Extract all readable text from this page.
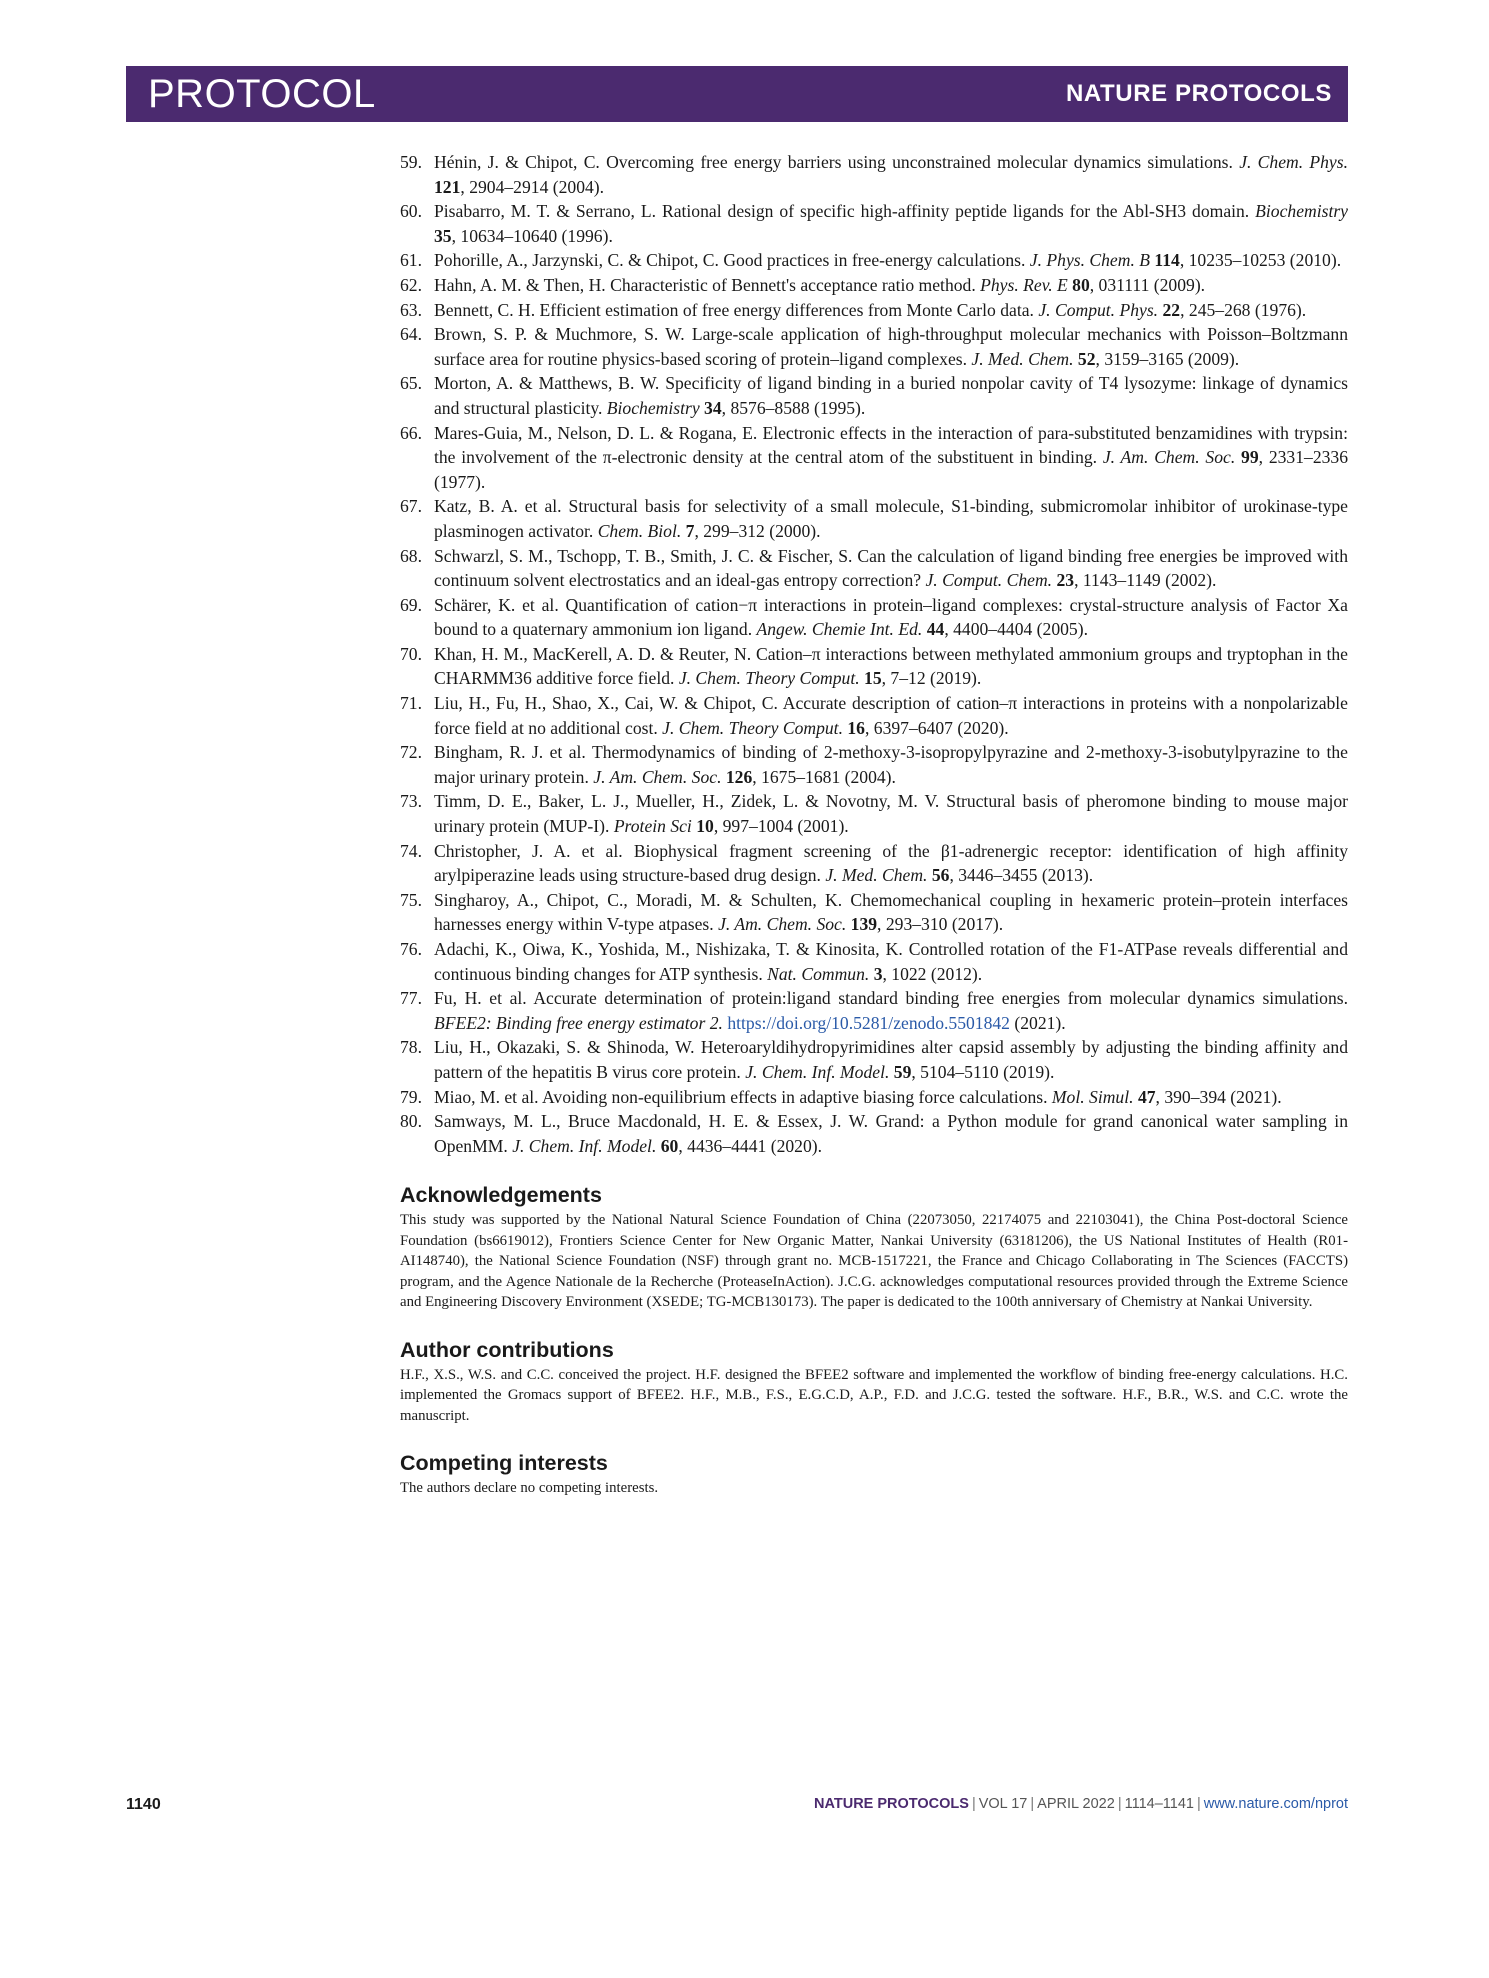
PROTOCOL	NATURE PROTOCOLS
59. Hénin, J. & Chipot, C. Overcoming free energy barriers using unconstrained molecular dynamics simulations. J. Chem. Phys. 121, 2904–2914 (2004).
60. Pisabarro, M. T. & Serrano, L. Rational design of specific high-affinity peptide ligands for the Abl-SH3 domain. Biochemistry 35, 10634–10640 (1996).
61. Pohorille, A., Jarzynski, C. & Chipot, C. Good practices in free-energy calculations. J. Phys. Chem. B 114, 10235–10253 (2010).
62. Hahn, A. M. & Then, H. Characteristic of Bennett's acceptance ratio method. Phys. Rev. E 80, 031111 (2009).
63. Bennett, C. H. Efficient estimation of free energy differences from Monte Carlo data. J. Comput. Phys. 22, 245–268 (1976).
64. Brown, S. P. & Muchmore, S. W. Large-scale application of high-throughput molecular mechanics with Poisson–Boltzmann surface area for routine physics-based scoring of protein–ligand complexes. J. Med. Chem. 52, 3159–3165 (2009).
65. Morton, A. & Matthews, B. W. Specificity of ligand binding in a buried nonpolar cavity of T4 lysozyme: linkage of dynamics and structural plasticity. Biochemistry 34, 8576–8588 (1995).
66. Mares-Guia, M., Nelson, D. L. & Rogana, E. Electronic effects in the interaction of para-substituted benzamidines with trypsin: the involvement of the π-electronic density at the central atom of the substituent in binding. J. Am. Chem. Soc. 99, 2331–2336 (1977).
67. Katz, B. A. et al. Structural basis for selectivity of a small molecule, S1-binding, submicromolar inhibitor of urokinase-type plasminogen activator. Chem. Biol. 7, 299–312 (2000).
68. Schwarzl, S. M., Tschopp, T. B., Smith, J. C. & Fischer, S. Can the calculation of ligand binding free energies be improved with continuum solvent electrostatics and an ideal-gas entropy correction? J. Comput. Chem. 23, 1143–1149 (2002).
69. Schärer, K. et al. Quantification of cation−π interactions in protein–ligand complexes: crystal-structure analysis of Factor Xa bound to a quaternary ammonium ion ligand. Angew. Chemie Int. Ed. 44, 4400–4404 (2005).
70. Khan, H. M., MacKerell, A. D. & Reuter, N. Cation–π interactions between methylated ammonium groups and tryptophan in the CHARMM36 additive force field. J. Chem. Theory Comput. 15, 7–12 (2019).
71. Liu, H., Fu, H., Shao, X., Cai, W. & Chipot, C. Accurate description of cation–π interactions in proteins with a nonpolarizable force field at no additional cost. J. Chem. Theory Comput. 16, 6397–6407 (2020).
72. Bingham, R. J. et al. Thermodynamics of binding of 2-methoxy-3-isopropylpyrazine and 2-methoxy-3-isobutylpyrazine to the major urinary protein. J. Am. Chem. Soc. 126, 1675–1681 (2004).
73. Timm, D. E., Baker, L. J., Mueller, H., Zidek, L. & Novotny, M. V. Structural basis of pheromone binding to mouse major urinary protein (MUP-I). Protein Sci 10, 997–1004 (2001).
74. Christopher, J. A. et al. Biophysical fragment screening of the β1-adrenergic receptor: identification of high affinity arylpiperazine leads using structure-based drug design. J. Med. Chem. 56, 3446–3455 (2013).
75. Singharoy, A., Chipot, C., Moradi, M. & Schulten, K. Chemomechanical coupling in hexameric protein–protein interfaces harnesses energy within V-type atpases. J. Am. Chem. Soc. 139, 293–310 (2017).
76. Adachi, K., Oiwa, K., Yoshida, M., Nishizaka, T. & Kinosita, K. Controlled rotation of the F1-ATPase reveals differential and continuous binding changes for ATP synthesis. Nat. Commun. 3, 1022 (2012).
77. Fu, H. et al. Accurate determination of protein:ligand standard binding free energies from molecular dynamics simulations. BFEE2: Binding free energy estimator 2. https://doi.org/10.5281/zenodo.5501842 (2021).
78. Liu, H., Okazaki, S. & Shinoda, W. Heteroaryldihydropyrimidines alter capsid assembly by adjusting the binding affinity and pattern of the hepatitis B virus core protein. J. Chem. Inf. Model. 59, 5104–5110 (2019).
79. Miao, M. et al. Avoiding non-equilibrium effects in adaptive biasing force calculations. Mol. Simul. 47, 390–394 (2021).
80. Samways, M. L., Bruce Macdonald, H. E. & Essex, J. W. Grand: a Python module for grand canonical water sampling in OpenMM. J. Chem. Inf. Model. 60, 4436–4441 (2020).
Acknowledgements

This study was supported by the National Natural Science Foundation of China (22073050, 22174075 and 22103041), the China Post-doctoral Science Foundation (bs6619012), Frontiers Science Center for New Organic Matter, Nankai University (63181206), the US National Institutes of Health (R01-AI148740), the National Science Foundation (NSF) through grant no. MCB-1517221, the France and Chicago Collaborating in The Sciences (FACCTS) program, and the Agence Nationale de la Recherche (ProteaseInAction). J.C.G. acknowledges computational resources provided through the Extreme Science and Engineering Discovery Environment (XSEDE; TG-MCB130173). The paper is dedicated to the 100th anniversary of Chemistry at Nankai University.

Author contributions

H.F., X.S., W.S. and C.C. conceived the project. H.F. designed the BFEE2 software and implemented the workflow of binding free-energy calculations. H.C. implemented the Gromacs support of BFEE2. H.F., M.B., F.S., E.G.C.D, A.P., F.D. and J.C.G. tested the software. H.F., B.R., W.S. and C.C. wrote the manuscript.

Competing interests

The authors declare no competing interests.

1140	NATURE PROTOCOLS | VOL 17 | APRIL 2022 | 1114–1141 | www.nature.com/nprot
